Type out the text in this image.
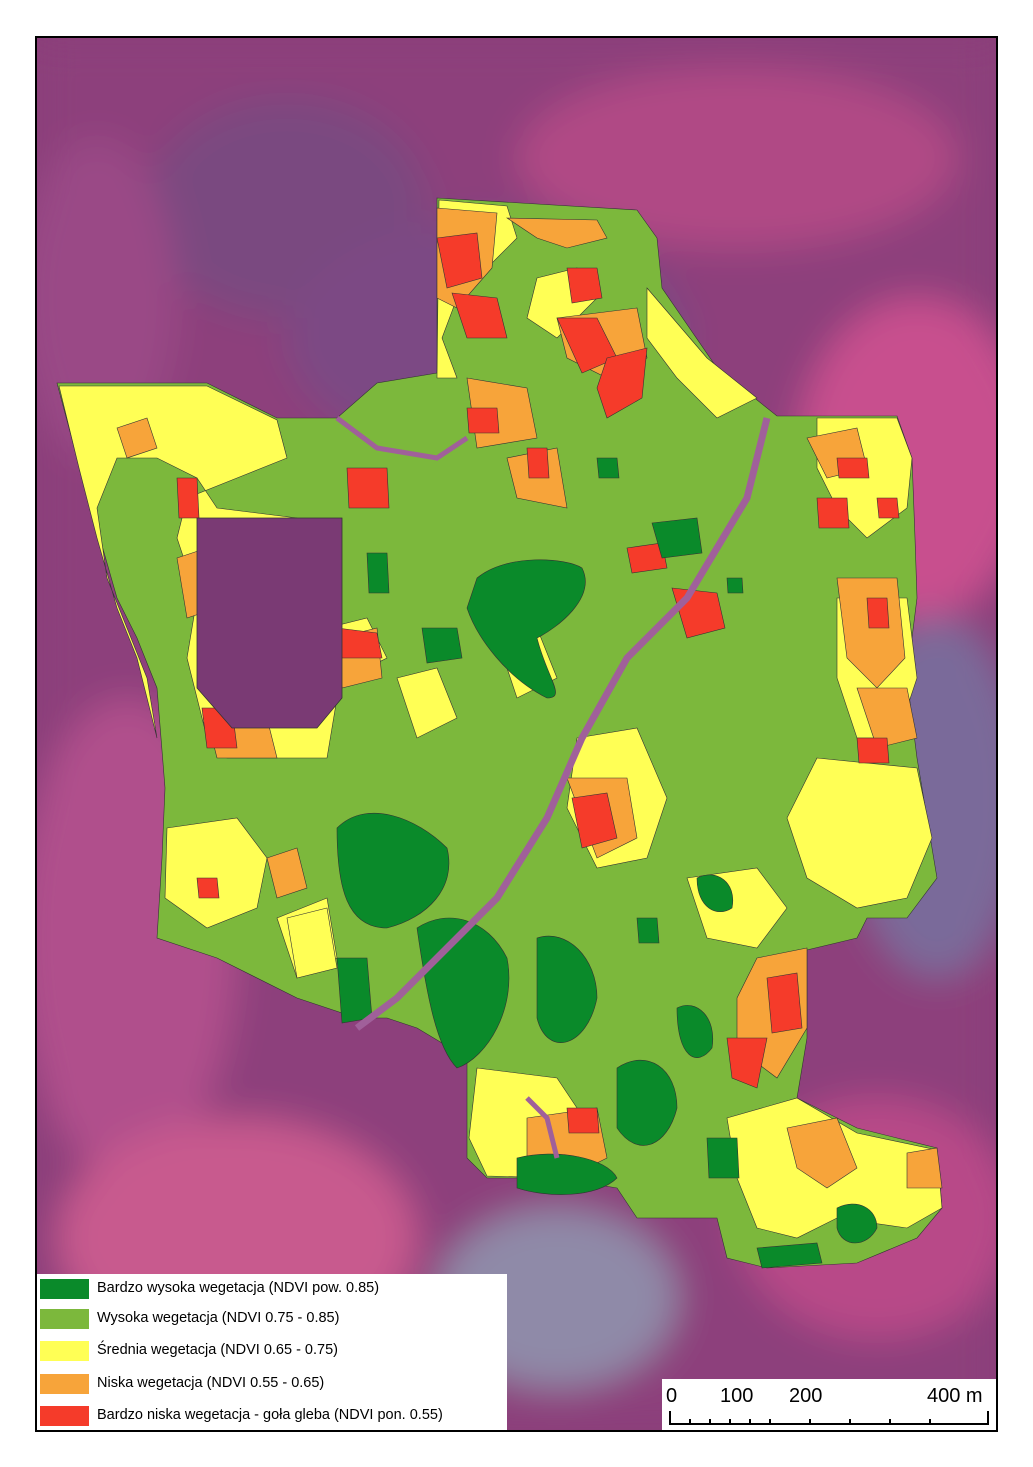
Bardzo wysoka wegetacja (NDVI pow. 0.85)
Wysoka wegetacja (NDVI 0.75 - 0.85)
Średnia wegetacja (NDVI 0.65 - 0.75)
Niska wegetacja (NDVI 0.55 - 0.65)
Bardzo niska wegetacja - goła gleba (NDVI pon. 0.55)
0 100 200	400 m
